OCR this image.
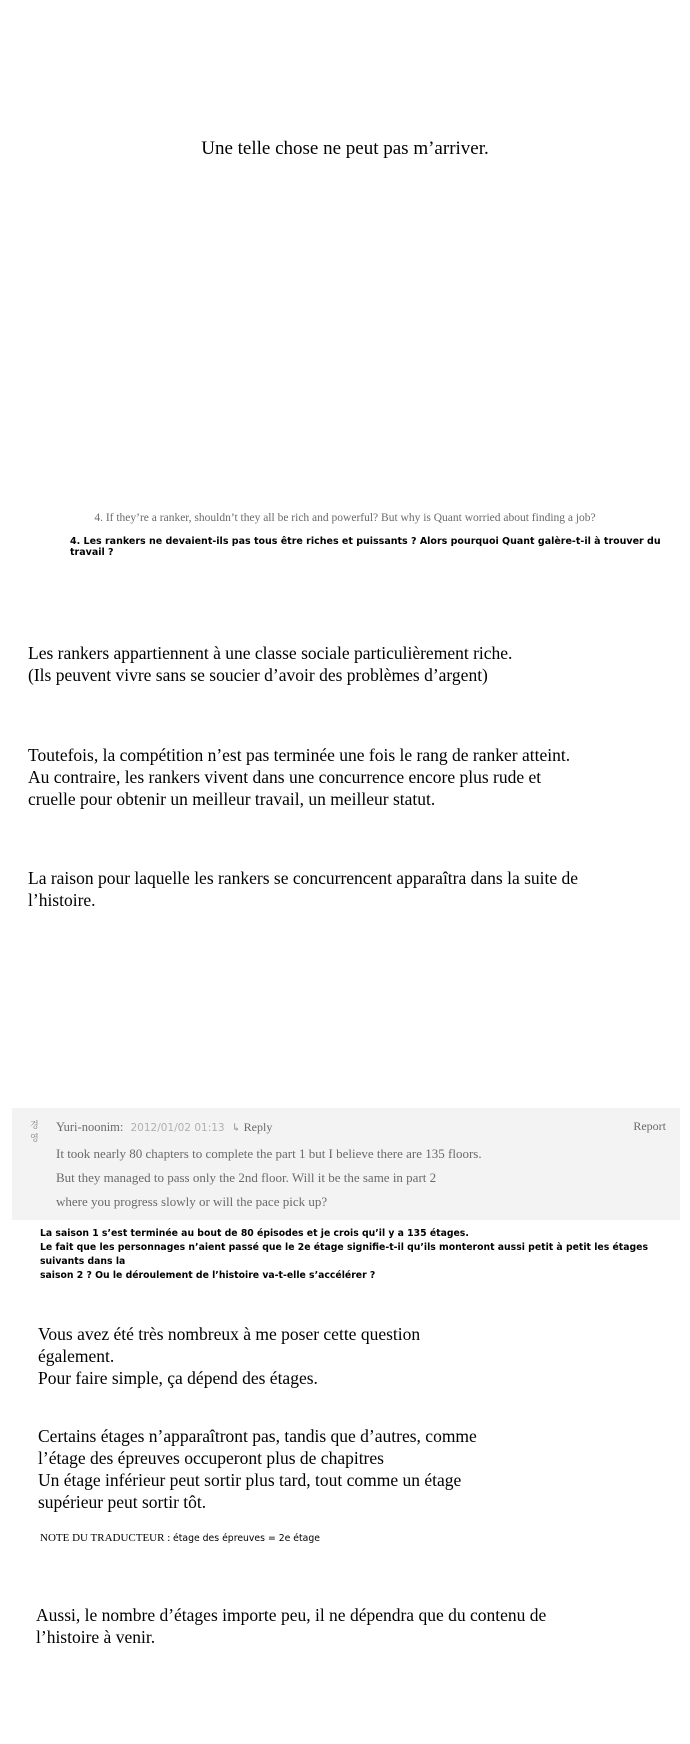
Une telle chose ne peut pas m’arriver.
4. If they’re a ranker, shouldn’t they all be rich and powerful? But why is Quant worried about finding a job?
4. Les rankers ne devaient-ils pas tous être riches et puissants ? Alors pourquoi Quant galère-t-il à trouver du travail ?
Les rankers appartiennent à une classe sociale particulièrement riche.
(Ils peuvent vivre sans se soucier d’avoir des problèmes d’argent)
Toutefois, la compétition n’est pas terminée une fois le rang de ranker atteint.
Au contraire, les rankers vivent dans une concurrence encore plus rude et
cruelle pour obtenir un meilleur travail, un meilleur statut.
La raison pour laquelle les rankers se concurrencent apparaîtra dans la suite de
l’histoire.
경영
Yuri-noonim: 2012/01/02 01:13 ↳ Reply	Report
It took nearly 80 chapters to complete the part 1 but I believe there are 135 floors.
But they managed to pass only the 2nd floor. Will it be the same in part 2
where you progress slowly or will the pace pick up?
La saison 1 s’est terminée au bout de 80 épisodes et je crois qu’il y a 135 étages.
Le fait que les personnages n’aient passé que le 2e étage signifie-t-il qu’ils monteront aussi petit à petit les étages suivants dans la
saison 2 ? Ou le déroulement de l’histoire va-t-elle s’accélérer ?
Vous avez été très nombreux à me poser cette question
également.
Pour faire simple, ça dépend des étages.
Certains étages n’apparaîtront pas, tandis que d’autres, comme
l’étage des épreuves occuperont plus de chapitres
Un étage inférieur peut sortir plus tard, tout comme un étage
supérieur peut sortir tôt.
NOTE DU TRADUCTEUR : étage des épreuves = 2e étage
Aussi, le nombre d’étages importe peu, il ne dépendra que du contenu de
l’histoire à venir.
